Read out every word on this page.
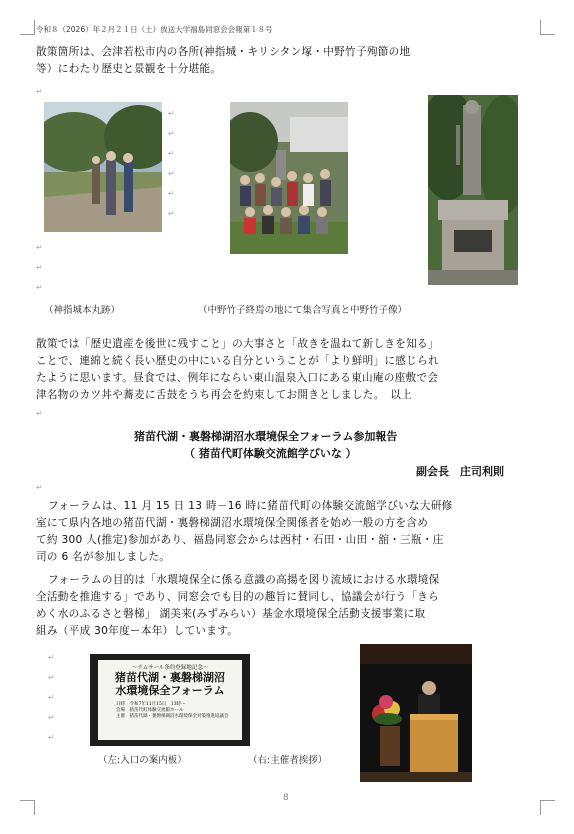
令和８（2026）年２月２１日（土）放送大学福島同窓会会報第１８号
散策箇所は、会津若松市内の各所(神指城・キリシタン塚・中野竹子殉節の地
等）にわたり歴史と景観を十分堪能。
↵
↵
↵
↵
↵
↵
↵
↵
↵
↵
（神指城本丸跡）	（中野竹子終焉の地にて集合写真と中野竹子像）
散策では「歴史遺産を後世に残すこと」の大事さと「故きを温ねて新しきを知る」
ことで、連綿と続く長い歴史の中にいる自分ということが「より鮮明」に感じられ
たように思います。昼食では、例年にならい東山温泉入口にある東山庵の座敷で会
津名物のカツ丼や蕎麦に舌鼓をうち再会を約束してお開きとしました。　以上
↵
猪苗代湖・裏磐梯湖沼水環境保全フォーラム参加報告
（ 猪苗代町体験交流館学びいな ）
副会長　庄司利則
↵
フォーラムは、11 月 15 日 13 時－16 時に猪苗代町の体験交流館学びいな大研修
室にて県内各地の猪苗代湖・裏磐梯湖沼水環境保全関係者を始め一般の方を含め
て約 300 人(推定)参加があり、福島同窓会からは西村・石田・山田・舘・三瓶・庄
司の 6 名が参加しました。
フォーラムの目的は「水環境保全に係る意識の高揚を図り流域における水環境保
全活動を推進する」であり、同窓会でも目的の趣旨に賛同し、協議会が行う「きら
めく水のふるさと磐梯」 湖美来(みずみらい）基金水環境保全活動支援事業に取
組み（平成 30年度ー本年）しています。
↵
↵
↵
↵
↵
〜ラムサール条約登録地記念〜
猪苗代湖・裏磐梯湖沼
水環境保全フォーラム
日時　令和7年11月15日　13時〜
会場　猪苗代町体験交流館ホール
主催　猪苗代湖・裏磐梯湖沼水環境保全対策推進協議会
（左:入口の案内板）	（右:主催者挨拶）
8
